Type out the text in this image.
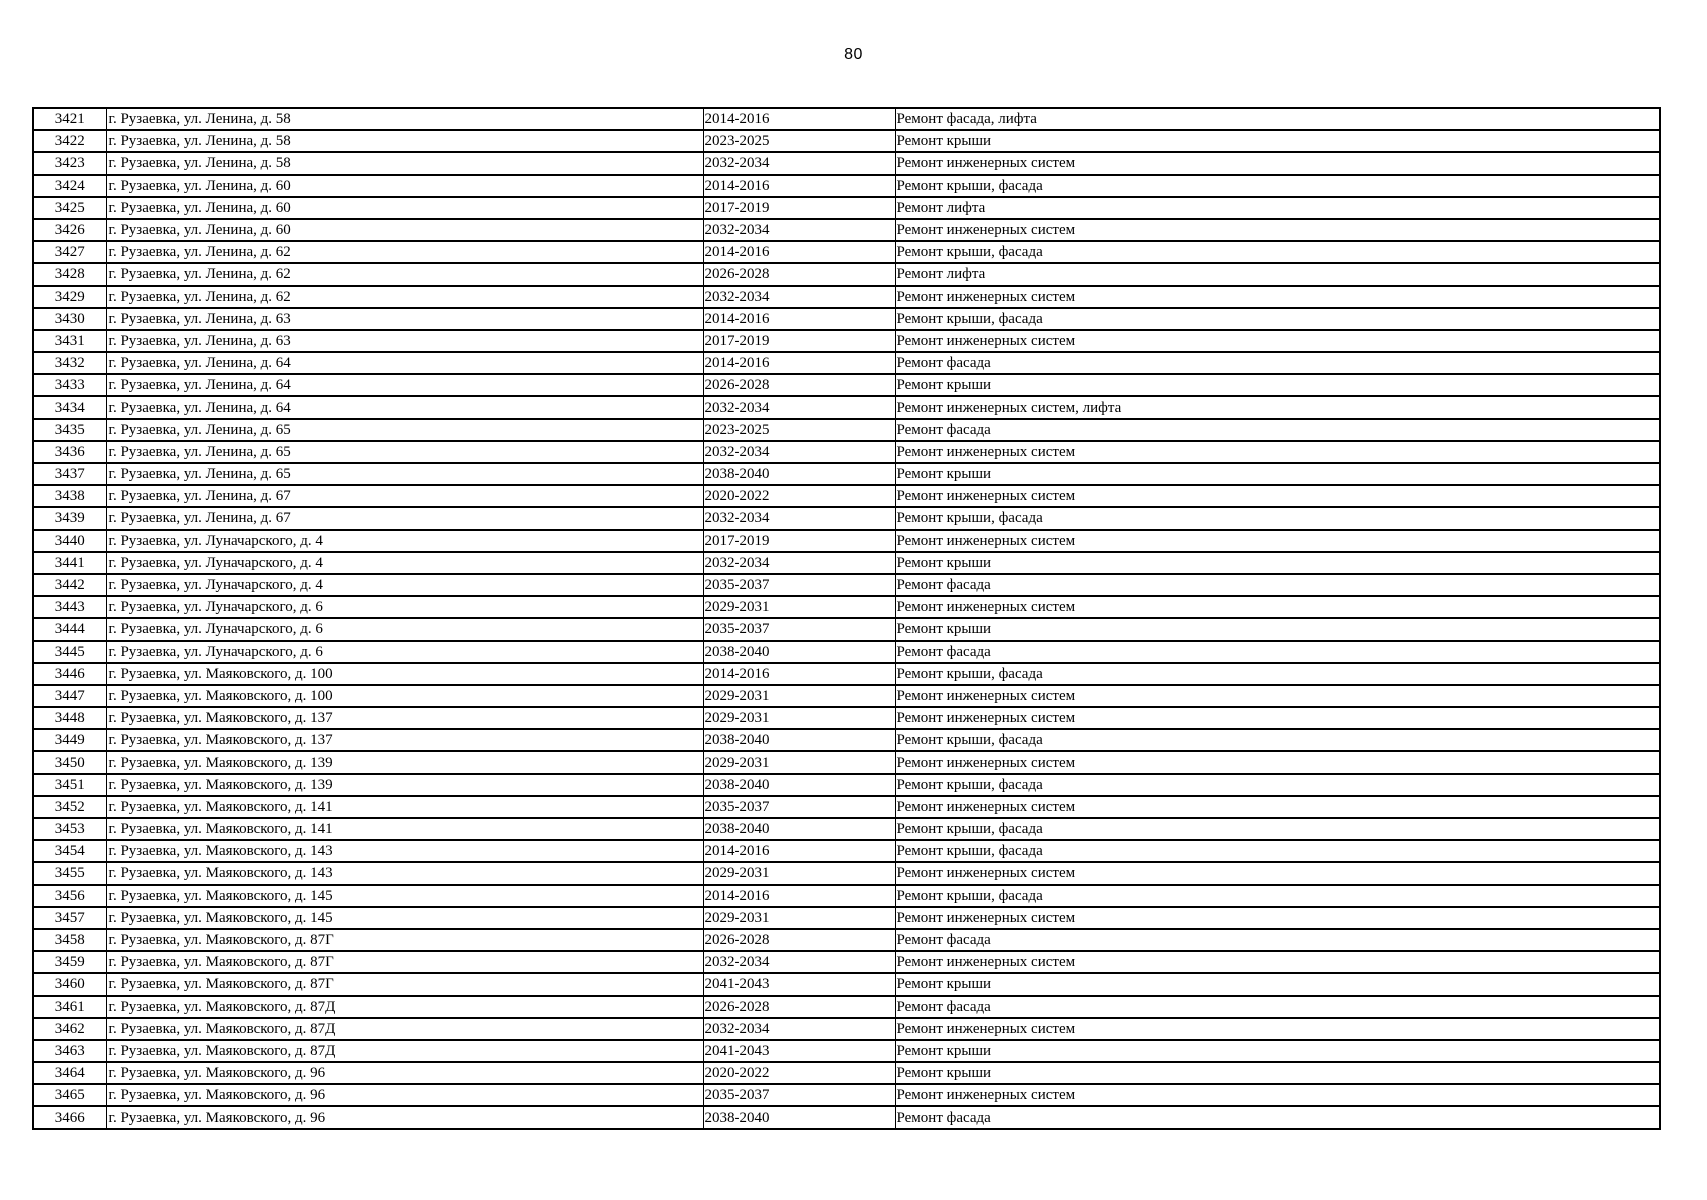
80
3421	г. Рузаевка, ул. Ленина, д. 58	2014-2016	Ремонт фасада, лифта
3422	г. Рузаевка, ул. Ленина, д. 58	2023-2025	Ремонт крыши
3423	г. Рузаевка, ул. Ленина, д. 58	2032-2034	Ремонт инженерных систем
3424	г. Рузаевка, ул. Ленина, д. 60	2014-2016	Ремонт крыши, фасада
3425	г. Рузаевка, ул. Ленина, д. 60	2017-2019	Ремонт лифта
3426	г. Рузаевка, ул. Ленина, д. 60	2032-2034	Ремонт инженерных систем
3427	г. Рузаевка, ул. Ленина, д. 62	2014-2016	Ремонт крыши, фасада
3428	г. Рузаевка, ул. Ленина, д. 62	2026-2028	Ремонт лифта
3429	г. Рузаевка, ул. Ленина, д. 62	2032-2034	Ремонт инженерных систем
3430	г. Рузаевка, ул. Ленина, д. 63	2014-2016	Ремонт крыши, фасада
3431	г. Рузаевка, ул. Ленина, д. 63	2017-2019	Ремонт инженерных систем
3432	г. Рузаевка, ул. Ленина, д. 64	2014-2016	Ремонт фасада
3433	г. Рузаевка, ул. Ленина, д. 64	2026-2028	Ремонт крыши
3434	г. Рузаевка, ул. Ленина, д. 64	2032-2034	Ремонт инженерных систем, лифта
3435	г. Рузаевка, ул. Ленина, д. 65	2023-2025	Ремонт фасада
3436	г. Рузаевка, ул. Ленина, д. 65	2032-2034	Ремонт инженерных систем
3437	г. Рузаевка, ул. Ленина, д. 65	2038-2040	Ремонт крыши
3438	г. Рузаевка, ул. Ленина, д. 67	2020-2022	Ремонт инженерных систем
3439	г. Рузаевка, ул. Ленина, д. 67	2032-2034	Ремонт крыши, фасада
3440	г. Рузаевка, ул. Луначарского, д. 4	2017-2019	Ремонт инженерных систем
3441	г. Рузаевка, ул. Луначарского, д. 4	2032-2034	Ремонт крыши
3442	г. Рузаевка, ул. Луначарского, д. 4	2035-2037	Ремонт фасада
3443	г. Рузаевка, ул. Луначарского, д. 6	2029-2031	Ремонт инженерных систем
3444	г. Рузаевка, ул. Луначарского, д. 6	2035-2037	Ремонт крыши
3445	г. Рузаевка, ул. Луначарского, д. 6	2038-2040	Ремонт фасада
3446	г. Рузаевка, ул. Маяковского, д. 100	2014-2016	Ремонт крыши, фасада
3447	г. Рузаевка, ул. Маяковского, д. 100	2029-2031	Ремонт инженерных систем
3448	г. Рузаевка, ул. Маяковского, д. 137	2029-2031	Ремонт инженерных систем
3449	г. Рузаевка, ул. Маяковского, д. 137	2038-2040	Ремонт крыши, фасада
3450	г. Рузаевка, ул. Маяковского, д. 139	2029-2031	Ремонт инженерных систем
3451	г. Рузаевка, ул. Маяковского, д. 139	2038-2040	Ремонт крыши, фасада
3452	г. Рузаевка, ул. Маяковского, д. 141	2035-2037	Ремонт инженерных систем
3453	г. Рузаевка, ул. Маяковского, д. 141	2038-2040	Ремонт крыши, фасада
3454	г. Рузаевка, ул. Маяковского, д. 143	2014-2016	Ремонт крыши, фасада
3455	г. Рузаевка, ул. Маяковского, д. 143	2029-2031	Ремонт инженерных систем
3456	г. Рузаевка, ул. Маяковского, д. 145	2014-2016	Ремонт крыши, фасада
3457	г. Рузаевка, ул. Маяковского, д. 145	2029-2031	Ремонт инженерных систем
3458	г. Рузаевка, ул. Маяковского, д. 87Г	2026-2028	Ремонт фасада
3459	г. Рузаевка, ул. Маяковского, д. 87Г	2032-2034	Ремонт инженерных систем
3460	г. Рузаевка, ул. Маяковского, д. 87Г	2041-2043	Ремонт крыши
3461	г. Рузаевка, ул. Маяковского, д. 87Д	2026-2028	Ремонт фасада
3462	г. Рузаевка, ул. Маяковского, д. 87Д	2032-2034	Ремонт инженерных систем
3463	г. Рузаевка, ул. Маяковского, д. 87Д	2041-2043	Ремонт крыши
3464	г. Рузаевка, ул. Маяковского, д. 96	2020-2022	Ремонт крыши
3465	г. Рузаевка, ул. Маяковского, д. 96	2035-2037	Ремонт инженерных систем
3466	г. Рузаевка, ул. Маяковского, д. 96	2038-2040	Ремонт фасада
